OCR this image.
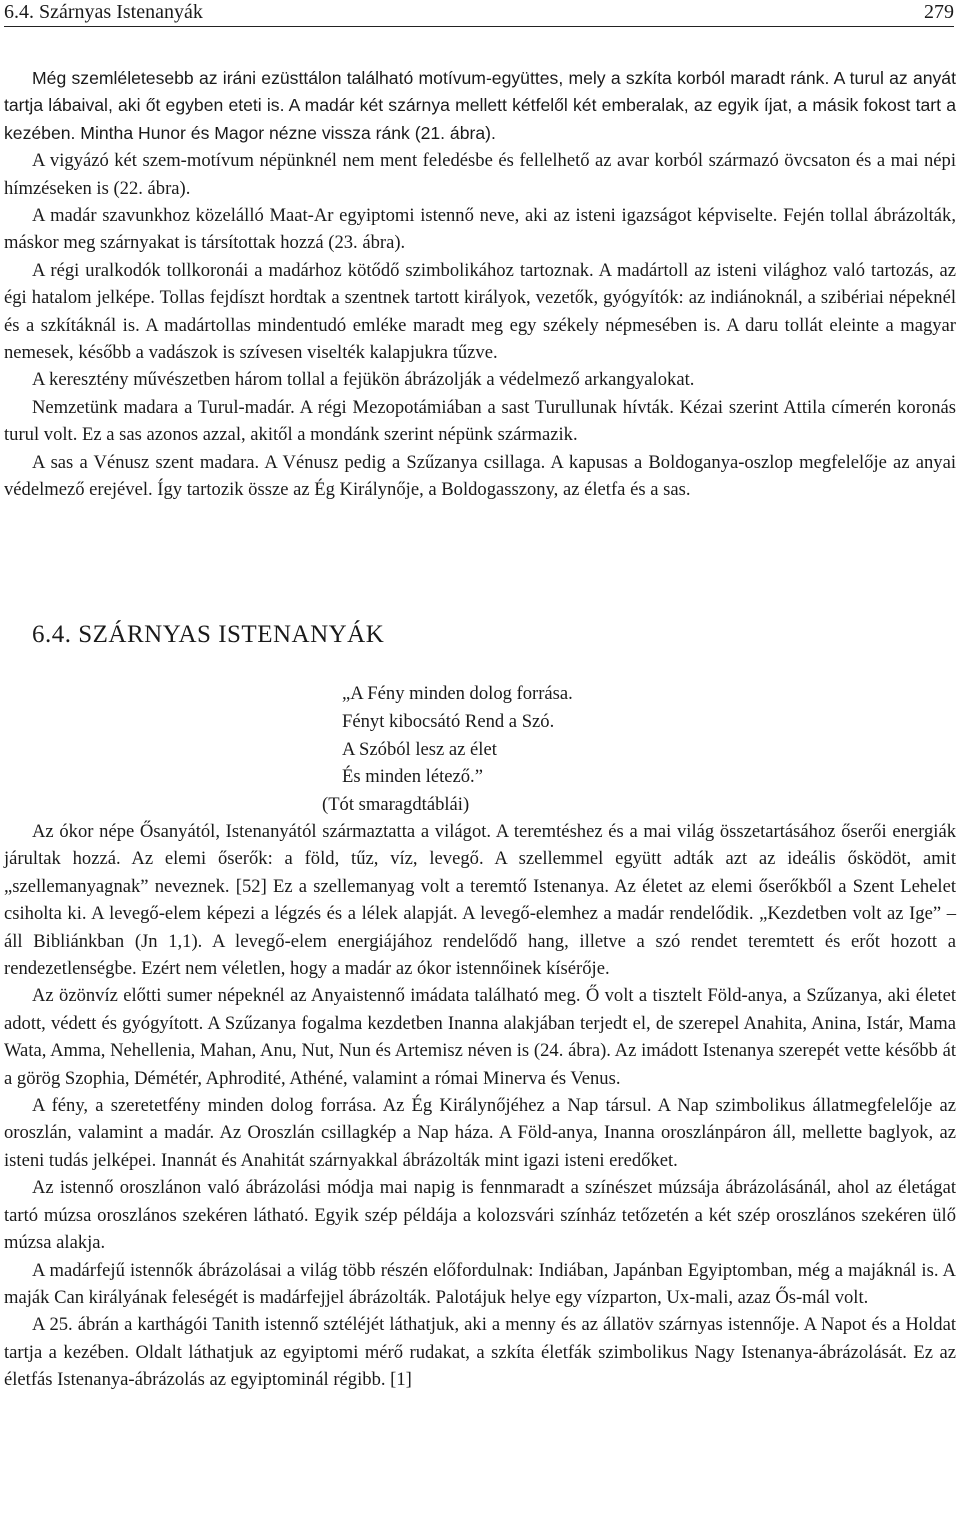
6.4. Szárnyas Istenanyák	279

Még szemléletesebb az iráni ezüsttálon található motívum-együttes, mely a szkíta korból maradt ránk. A turul az anyát tartja lábaival, aki őt egyben eteti is. A madár két szárnya mellett kétfelől két emberalak, az egyik íjat, a másik fokost tart a kezében. Mintha Hunor és Magor nézne vissza ránk (21. ábra).

A vigyázó két szem-motívum népünknél nem ment feledésbe és fellelhető az avar korból származó övcsaton és a mai népi hímzéseken is (22. ábra).

A madár szavunkhoz közelálló Maat-Ar egyiptomi istennő neve, aki az isteni igazságot képviselte. Fején tollal ábrázolták, máskor meg szárnyakat is társítottak hozzá (23. ábra).

A régi uralkodók tollkoronái a madárhoz kötődő szimbolikához tartoznak. A madártoll az isteni világhoz való tartozás, az égi hatalom jelképe. Tollas fejdíszt hordtak a szentnek tartott királyok, vezetők, gyógyítók: az indiánoknál, a szibériai népeknél és a szkítáknál is. A madártollas mindentudó emléke maradt meg egy székely népmesében is. A daru tollát eleinte a magyar nemesek, később a vadászok is szívesen viselték kalapjukra tűzve.

A keresztény művészetben három tollal a fejükön ábrázolják a védelmező arkangyalokat.

Nemzetünk madara a Turul-madár. A régi Mezopotámiában a sast Turullunak hívták. Kézai szerint Attila címerén koronás turul volt. Ez a sas azonos azzal, akitől a mondánk szerint népünk származik.

A sas a Vénusz szent madara. A Vénusz pedig a Szűzanya csillaga. A kapusas a Boldoganya-oszlop megfelelője az anyai védelmező erejével. Így tartozik össze az Ég Királynője, a Boldogasszony, az életfa és a sas.

6.4. SZÁRNYAS ISTENANYÁK
„A Fény minden dolog forrása.
Fényt kibocsátó Rend a Szó.
A Szóból lesz az élet
És minden létező.”
(Tót smaragdtáblái)

Az ókor népe Ősanyától, Istenanyától származtatta a világot. A teremtéshez és a mai világ összetartásához őserői energiák járultak hozzá. Az elemi őserők: a föld, tűz, víz, levegő. A szellemmel együtt adták azt az ideális ősködöt, amit „szellemanyagnak” neveznek. [52] Ez a szellemanyag volt a teremtő Istenanya. Az életet az elemi őserőkből a Szent Lehelet csiholta ki. A levegő-elem képezi a légzés és a lélek alapját. A levegő-elemhez a madár rendelődik. „Kezdetben volt az Ige” – áll Bibliánkban (Jn 1,1). A levegő-elem energiájához rendelődő hang, illetve a szó rendet teremtett és erőt hozott a rendezetlenségbe. Ezért nem véletlen, hogy a madár az ókor istennőinek kísérője.

Az özönvíz előtti sumer népeknél az Anyaistennő imádata található meg. Ő volt a tisztelt Föld-anya, a Szűzanya, aki életet adott, védett és gyógyított. A Szűzanya fogalma kezdetben Inanna alakjában terjedt el, de szerepel Anahita, Anina, Istár, Mama Wata, Amma, Nehellenia, Mahan, Anu, Nut, Nun és Artemisz néven is (24. ábra). Az imádott Istenanya szerepét vette később át a görög Szophia, Démétér, Aphrodité, Athéné, valamint a római Minerva és Venus.

A fény, a szeretetfény minden dolog forrása. Az Ég Királynőjéhez a Nap társul. A Nap szimbolikus állatmegfelelője az oroszlán, valamint a madár. Az Oroszlán csillagkép a Nap háza. A Föld-anya, Inanna oroszlánpáron áll, mellette baglyok, az isteni tudás jelképei. Inannát és Anahitát szárnyakkal ábrázolták mint igazi isteni eredőket.

Az istennő oroszlánon való ábrázolási módja mai napig is fennmaradt a színészet múzsája ábrázolásánál, ahol az életágat tartó múzsa oroszlános szekéren látható. Egyik szép példája a kolozsvári színház tetőzetén a két szép oroszlános szekéren ülő múzsa alakja.

A madárfejű istennők ábrázolásai a világ több részén előfordulnak: Indiában, Japánban Egyiptomban, még a majáknál is. A maják Can királyának feleségét is madárfejjel ábrázolták. Palotájuk helye egy vízparton, Ux-mali, azaz Ős-mál volt.

A 25. ábrán a karthágói Tanith istennő sztéléjét láthatjuk, aki a menny és az állatöv szárnyas istennője. A Napot és a Holdat tartja a kezében. Oldalt láthatjuk az egyiptomi mérő rudakat, a szkíta életfák szimbolikus Nagy Istenanya-ábrázolását. Ez az életfás Istenanya-ábrázolás az egyiptominál régibb. [1]
